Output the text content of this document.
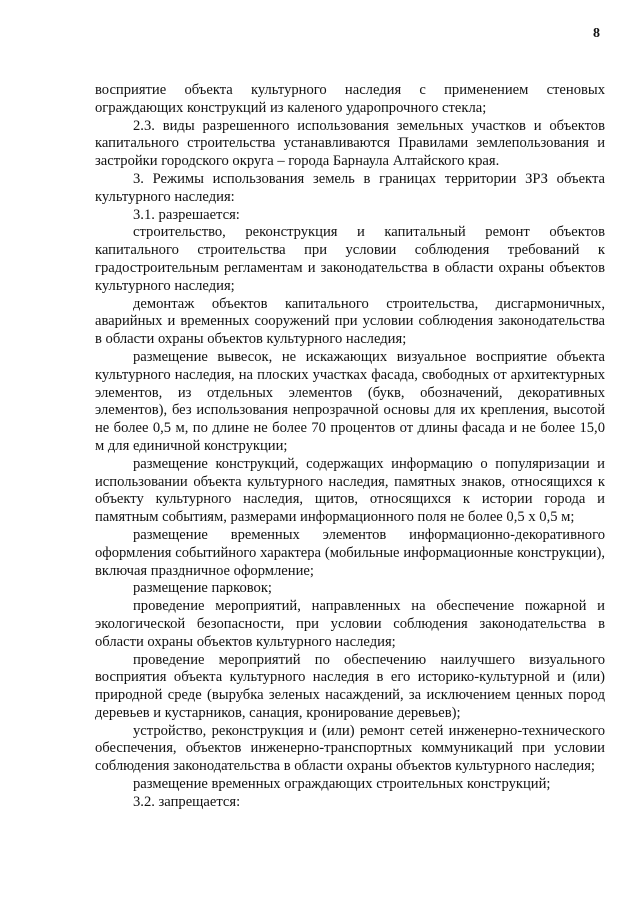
8

восприятие объекта культурного наследия с применением стеновых ограждающих конструкций из каленого ударопрочного стекла;

2.3. виды разрешенного использования земельных участков и объектов капитального строительства устанавливаются Правилами землепользования и застройки городского округа – города Барнаула Алтайского края.

3. Режимы использования земель в границах территории ЗРЗ объекта культурного наследия:

3.1. разрешается:

строительство, реконструкция и капитальный ремонт объектов капитального строительства при условии соблюдения требований к градостроительным регламентам и законодательства в области охраны объектов культурного наследия;

демонтаж объектов капитального строительства, дисгармоничных, аварийных и временных сооружений при условии соблюдения законодательства в области охраны объектов культурного наследия;

размещение вывесок, не искажающих визуальное восприятие объекта культурного наследия, на плоских участках фасада, свободных от архитектурных элементов, из отдельных элементов (букв, обозначений, декоративных элементов), без использования непрозрачной основы для их крепления, высотой не более 0,5 м, по длине не более 70 процентов от длины фасада и не более 15,0 м для единичной конструкции;

размещение конструкций, содержащих информацию о популяризации и использовании объекта культурного наследия, памятных знаков, относящихся к объекту культурного наследия, щитов, относящихся к истории города и памятным событиям, размерами информационного поля не более 0,5 х 0,5 м;

размещение временных элементов информационно-декоративного оформления событийного характера (мобильные информационные конструкции), включая праздничное оформление;

размещение парковок;

проведение мероприятий, направленных на обеспечение пожарной и экологической безопасности, при условии соблюдения законодательства в области охраны объектов культурного наследия;

проведение мероприятий по обеспечению наилучшего визуального восприятия объекта культурного наследия в его историко-культурной и (или) природной среде (вырубка зеленых насаждений, за исключением ценных пород деревьев и кустарников, санация, кронирование деревьев);

устройство, реконструкция и (или) ремонт сетей инженерно-технического обеспечения, объектов инженерно-транспортных коммуникаций при условии соблюдения законодательства в области охраны объектов культурного наследия;

размещение временных ограждающих строительных конструкций;

3.2. запрещается:
